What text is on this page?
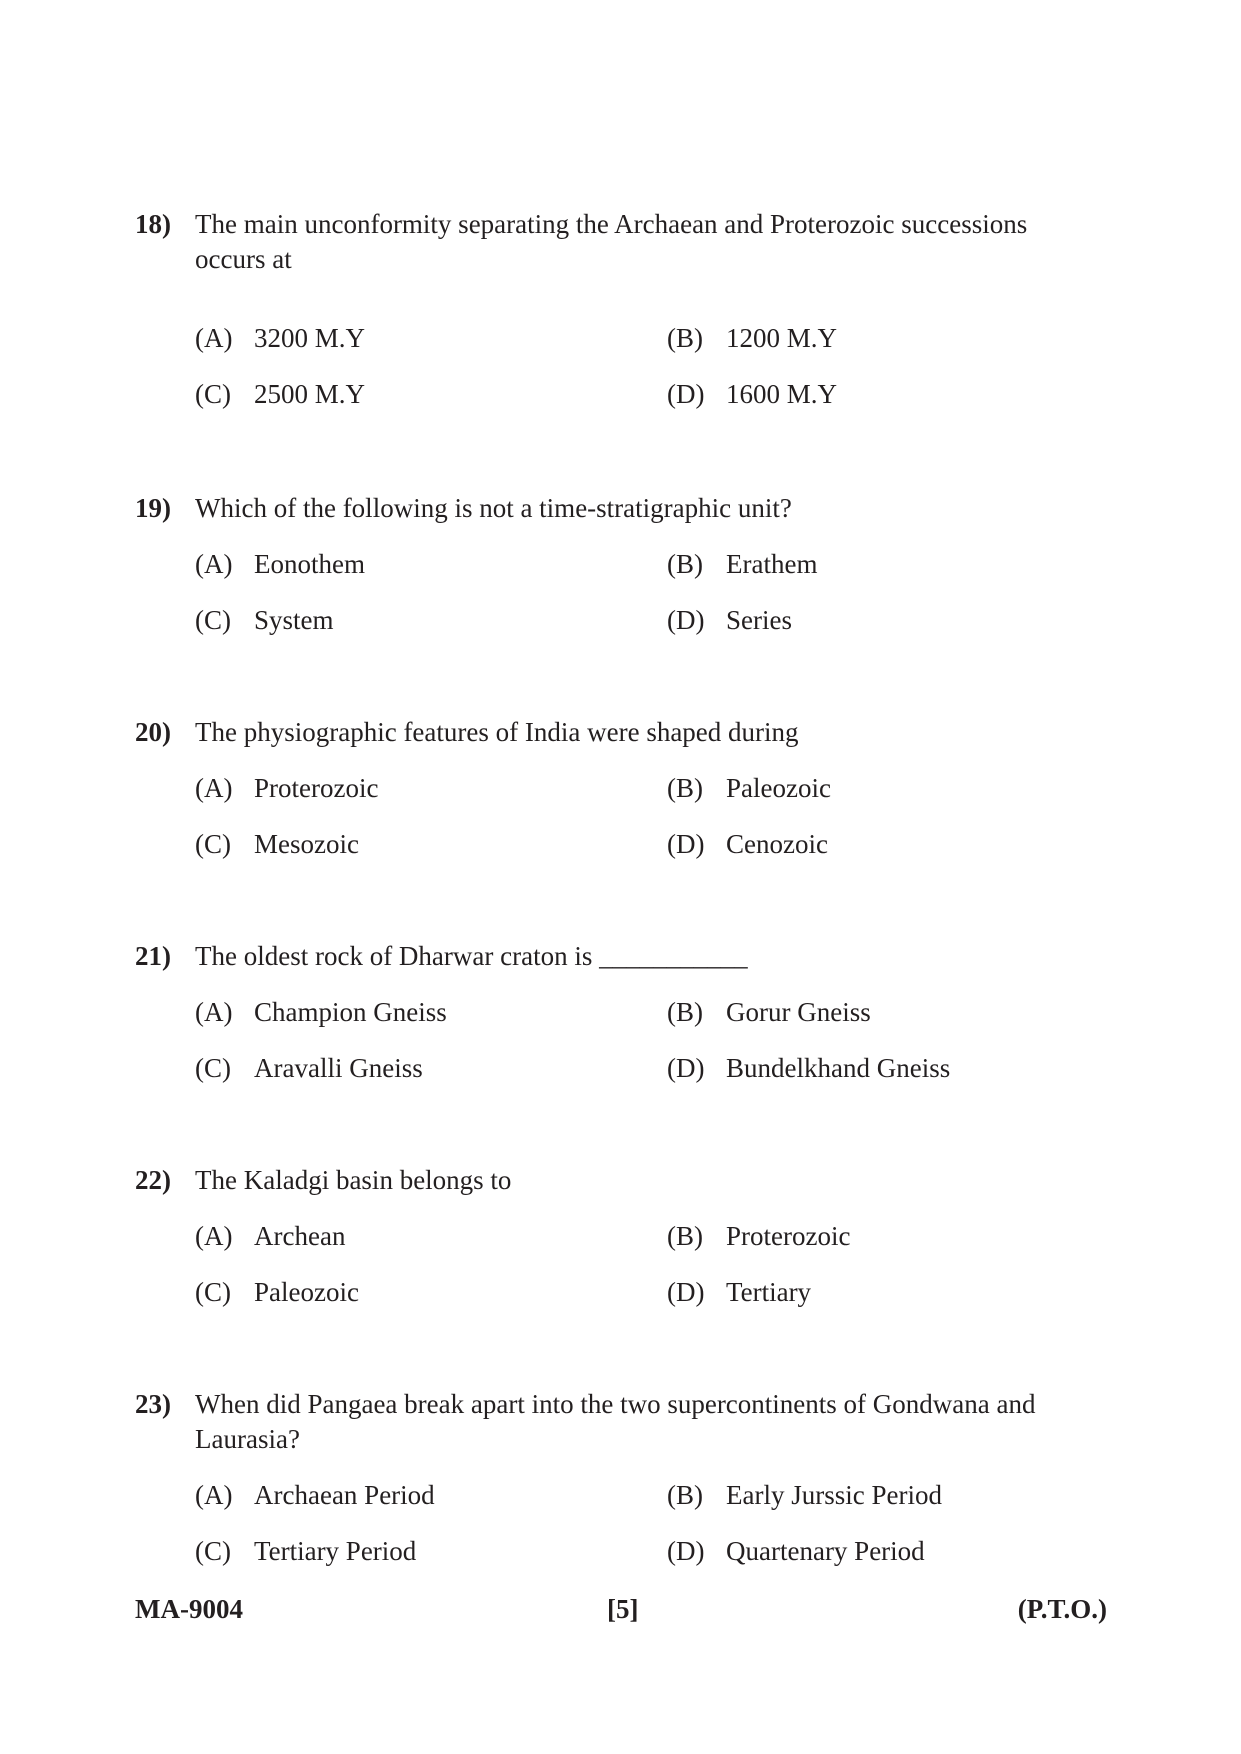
18) The main unconformity separating the Archaean and Proterozoic successions occurs at
(A) 3200 M.Y	(B) 1200 M.Y
(C) 2500 M.Y	(D) 1600 M.Y
19) Which of the following is not a time-stratigraphic unit?
(A) Eonothem	(B) Erathem
(C) System	(D) Series
20) The physiographic features of India were shaped during
(A) Proterozoic	(B) Paleozoic
(C) Mesozoic	(D) Cenozoic
21) The oldest rock of Dharwar craton is ___________
(A) Champion Gneiss	(B) Gorur Gneiss
(C) Aravalli Gneiss	(D) Bundelkhand Gneiss
22) The Kaladgi basin belongs to
(A) Archean	(B) Proterozoic
(C) Paleozoic	(D) Tertiary
23) When did Pangaea break apart into the two supercontinents of Gondwana and Laurasia?
(A) Archaean Period	(B) Early Jurssic Period
(C) Tertiary Period	(D) Quartenary Period
MA-9004	[5]	(P.T.O.)
